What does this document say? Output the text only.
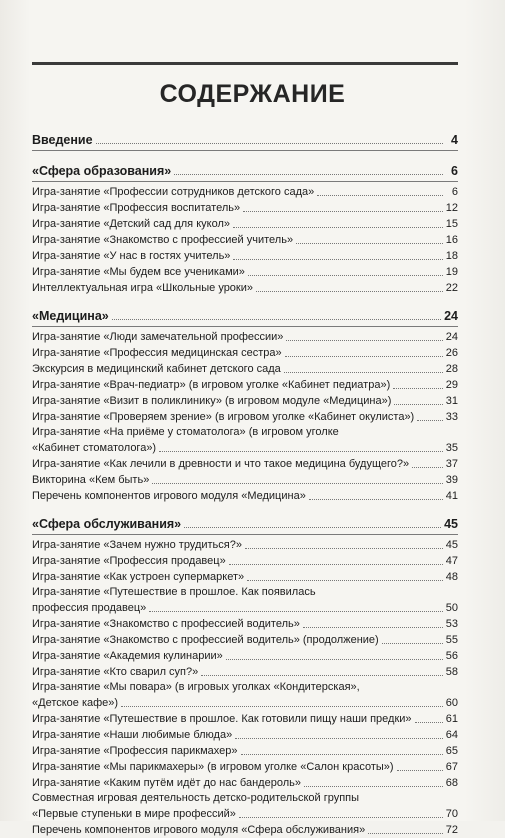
СОДЕРЖАНИЕ
Введение	4
«Сфера образования»	6
Игра-занятие «Профессии сотрудников детского сада»	6
Игра-занятие «Профессия воспитатель»	12
Игра-занятие «Детский сад для кукол»	15
Игра-занятие «Знакомство с профессией учитель»	16
Игра-занятие «У нас в гостях учитель»	18
Игра-занятие «Мы будем все учениками»	19
Интеллектуальная игра «Школьные уроки»	22
«Медицина»	24
Игра-занятие «Люди замечательной профессии»	24
Игра-занятие «Профессия медицинская сестра»	26
Экскурсия в медицинский кабинет детского сада	28
Игра-занятие «Врач-педиатр» (в игровом уголке «Кабинет педиатра»)	29
Игра-занятие «Визит в поликлинику» (в игровом модуле «Медицина»)	31
Игра-занятие «Проверяем зрение» (в игровом уголке «Кабинет окулиста»)	33
Игра-занятие «На приёме у стоматолога» (в игровом уголке
«Кабинет стоматолога»)	35
Игра-занятие «Как лечили в древности и что такое медицина будущего?»	37
Викторина «Кем быть»	39
Перечень компонентов игрового модуля «Медицина»	41
«Сфера обслуживания»	45
Игра-занятие «Зачем нужно трудиться?»	45
Игра-занятие «Профессия продавец»	47
Игра-занятие «Как устроен супермаркет»	48
Игра-занятие «Путешествие в прошлое. Как появилась
профессия продавец»	50
Игра-занятие «Знакомство с профессией водитель»	53
Игра-занятие «Знакомство с профессией водитель» (продолжение)	55
Игра-занятие «Академия кулинарии»	56
Игра-занятие «Кто сварил суп?»	58
Игра-занятие «Мы повара» (в игровых уголках «Кондитерская»,
«Детское кафе»)	60
Игра-занятие «Путешествие в прошлое. Как готовили пищу наши предки»	61
Игра-занятие «Наши любимые блюда»	64
Игра-занятие «Профессия парикмахер»	65
Игра-занятие «Мы парикмахеры» (в игровом уголке «Салон красоты»)	67
Игра-занятие «Каким путём идёт до нас бандероль»	68
Совместная игровая деятельность детско-родительской группы
«Первые ступеньки в мире профессий»	70
Перечень компонентов игрового модуля «Сфера обслуживания»	72
